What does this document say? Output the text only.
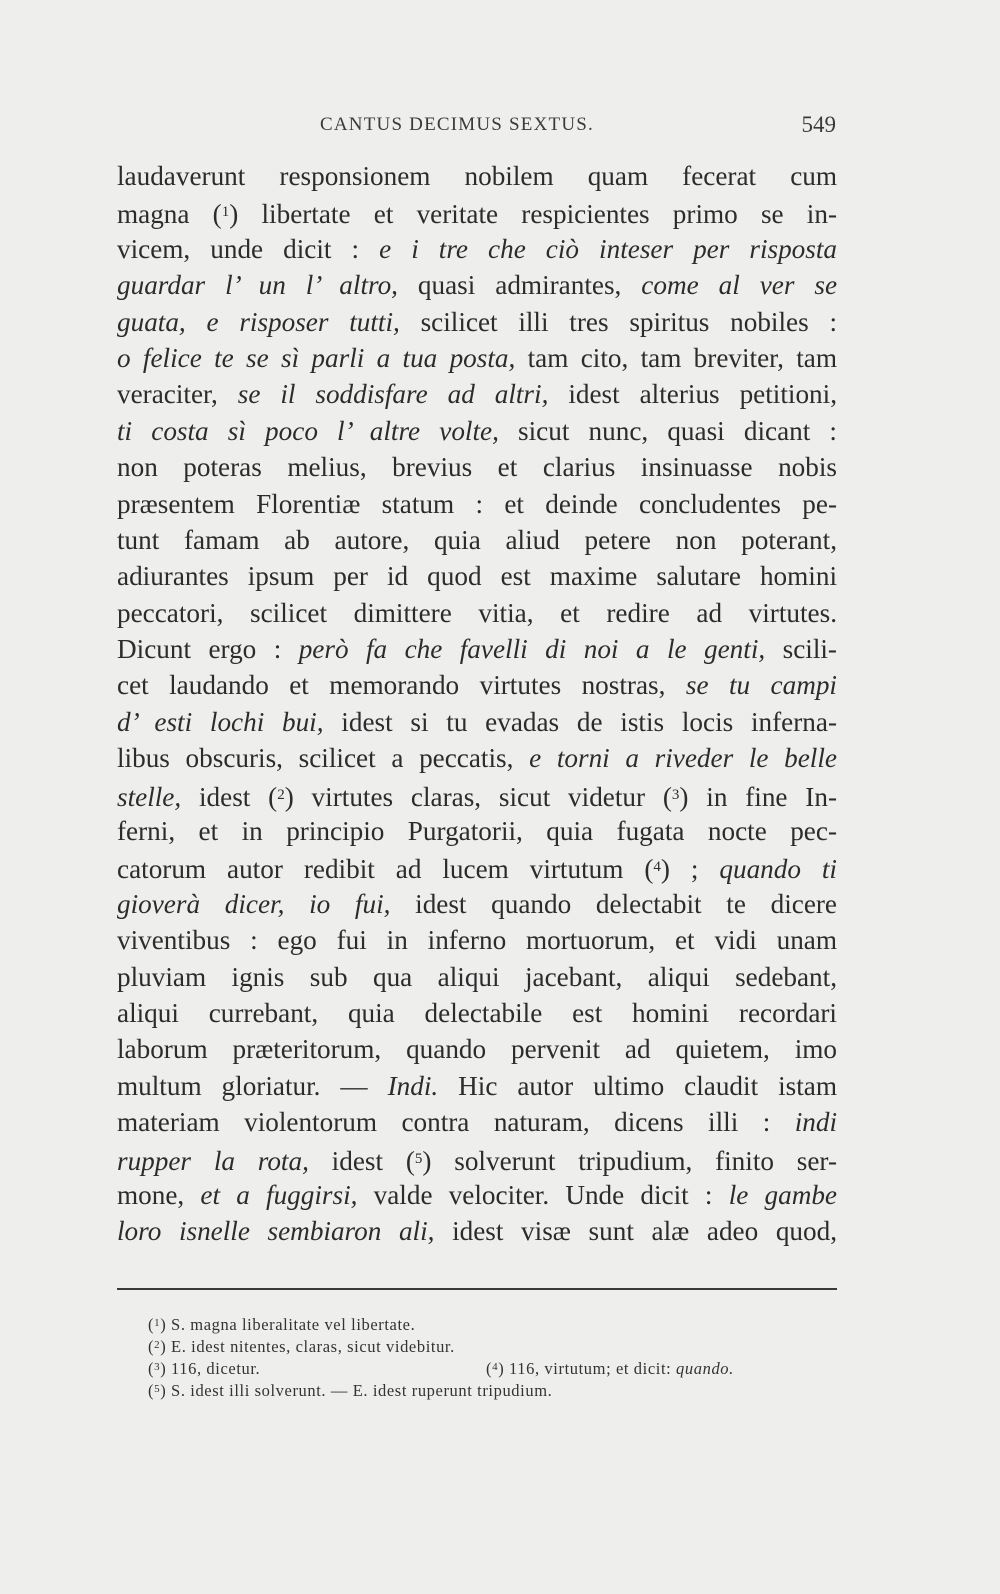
CANTUS DECIMUS SEXTUS.	549
laudaverunt responsionem nobilem quam fecerat cum
magna ($^1$) libertate et veritate respicientes primo se in-
vicem, unde dicit : e i tre che ciò inteser per risposta
guardar l’ un l’ altro, quasi admirantes, come al ver se
guata, e risposer tutti, scilicet illi tres spiritus nobiles :
o felice te se sì parli a tua posta, tam cito, tam breviter, tam
veraciter, se il soddisfare ad altri, idest alterius petitioni,
ti costa sì poco l’ altre volte, sicut nunc, quasi dicant :
non poteras melius, brevius et clarius insinuasse nobis
præsentem Florentiæ statum : et deinde concludentes pe-
tunt famam ab autore, quia aliud petere non poterant,
adiurantes ipsum per id quod est maxime salutare homini
peccatori, scilicet dimittere vitia, et redire ad virtutes.
Dicunt ergo : però fa che favelli di noi a le genti, scili-
cet laudando et memorando virtutes nostras, se tu campi
d’ esti lochi bui, idest si tu evadas de istis locis inferna-
libus obscuris, scilicet a peccatis, e torni a riveder le belle
stelle, idest ($^2$) virtutes claras, sicut videtur ($^3$) in fine In-
ferni, et in principio Purgatorii, quia fugata nocte pec-
catorum autor redibit ad lucem virtutum ($^4$) ; quando ti
gioverà dicer, io fui, idest quando delectabit te dicere
viventibus : ego fui in inferno mortuorum, et vidi unam
pluviam ignis sub qua aliqui jacebant, aliqui sedebant,
aliqui currebant, quia delectabile est homini recordari
laborum præteritorum, quando pervenit ad quietem, imo
multum gloriatur. — Indi. Hic autor ultimo claudit istam
materiam violentorum contra naturam, dicens illi : indi
rupper la rota, idest ($^5$) solverunt tripudium, finito ser-
mone, et a fuggirsi, valde velociter. Unde dicit : le gambe
loro isnelle sembiaron ali, idest visæ sunt alæ adeo quod,
($^1$) S. magna liberalitate vel libertate.
($^2$) E. idest nitentes, claras, sicut videbitur.
($^3$) 116, dicetur.	($^4$) 116, virtutum; et dicit: quando.
($^5$) S. idest illi solverunt. — E. idest ruperunt tripudium.
